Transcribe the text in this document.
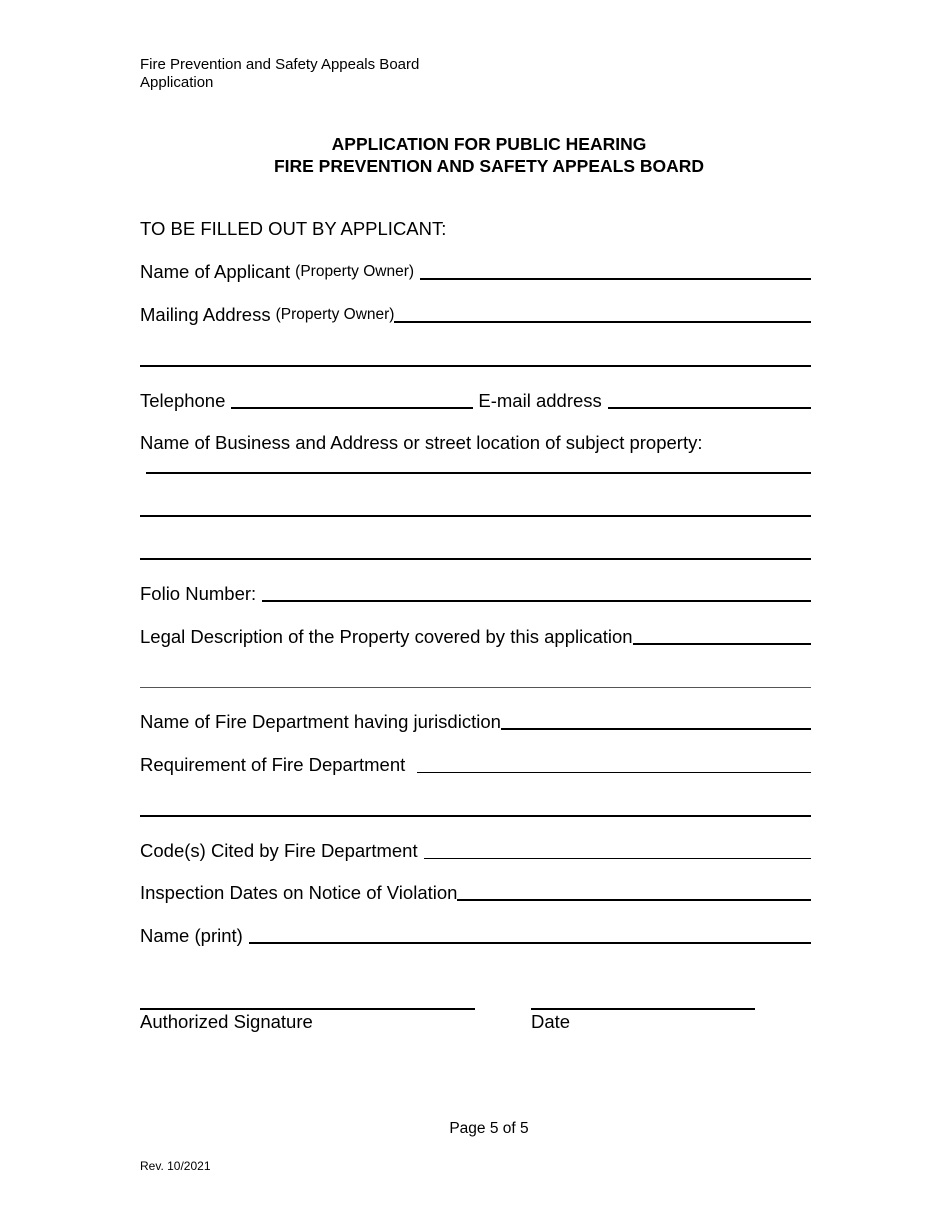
Fire Prevention and Safety Appeals Board
Application
APPLICATION FOR PUBLIC HEARING
FIRE PREVENTION AND SAFETY APPEALS BOARD
TO BE FILLED OUT BY APPLICANT:
Name of Applicant (Property Owner)
Mailing Address (Property Owner)
Telephone	E-mail address
Name of Business and Address or street location of subject property:
Folio Number:
Legal Description of the Property covered by this application
Name of Fire Department having jurisdiction
Requirement of Fire Department
Code(s) Cited by Fire Department
Inspection Dates on Notice of Violation
Name (print)
Authorized Signature	Date
Page 5 of 5
Rev. 10/2021
